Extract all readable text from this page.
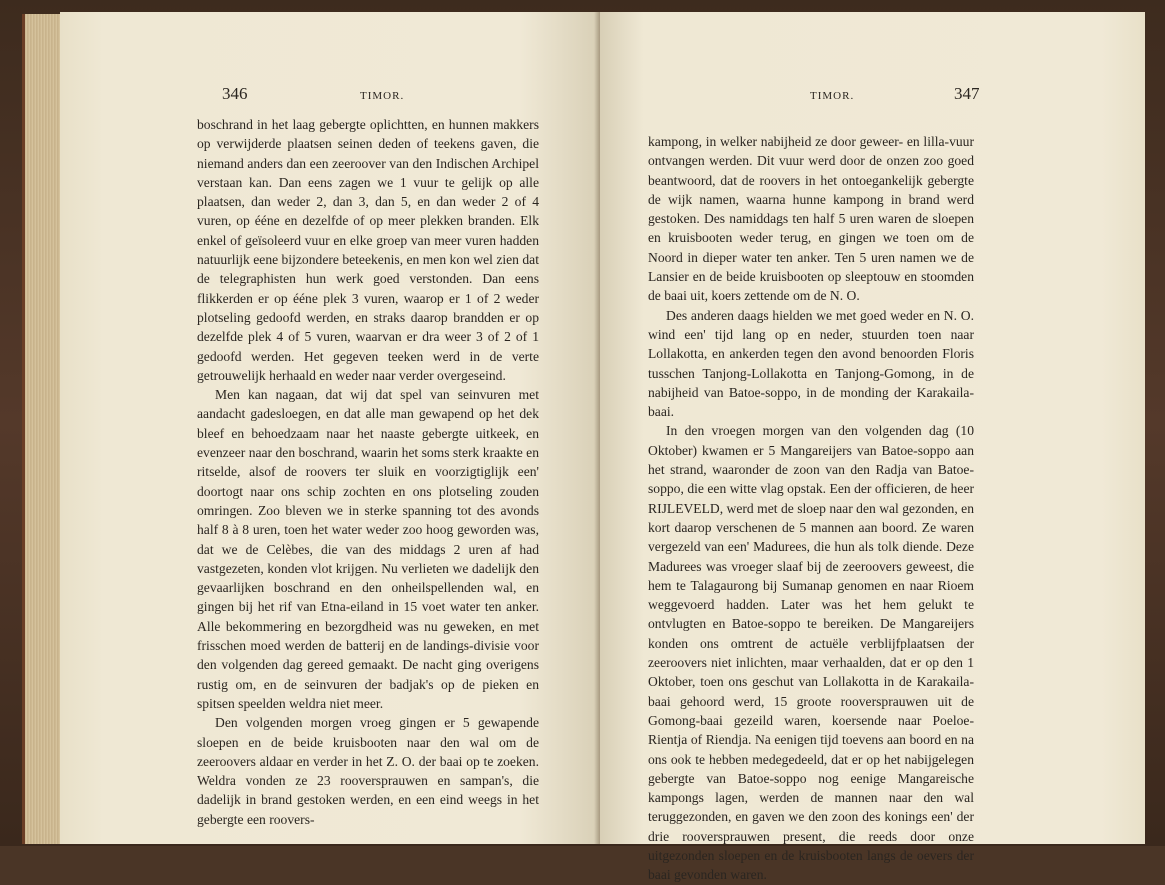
346	TIMOR.

boschrand in het laag gebergte oplichtten, en hunnen makkers op verwijderde plaatsen seinen deden of teekens gaven, die niemand anders dan een zeeroover van den Indischen Archipel verstaan kan. Dan eens zagen we 1 vuur te gelijk op alle plaatsen, dan weder 2, dan 3, dan 5, en dan weder 2 of 4 vuren, op ééne en dezelfde of op meer plekken branden. Elk enkel of geïsoleerd vuur en elke groep van meer vuren hadden natuurlijk eene bijzondere beteekenis, en men kon wel zien dat de telegraphisten hun werk goed verstonden. Dan eens flikkerden er op ééne plek 3 vuren, waarop er 1 of 2 weder plotseling gedoofd werden, en straks daarop brandden er op dezelfde plek 4 of 5 vuren, waarvan er dra weer 3 of 2 of 1 gedoofd werden. Het gegeven teeken werd in de verte getrouwelijk herhaald en weder naar verder overgeseind.

Men kan nagaan, dat wij dat spel van seinvuren met aandacht gadesloegen, en dat alle man gewapend op het dek bleef en behoedzaam naar het naaste gebergte uitkeek, en evenzeer naar den boschrand, waarin het soms sterk kraakte en ritselde, alsof de roovers ter sluik en voorzigtiglijk een' doortogt naar ons schip zochten en ons plotseling zouden omringen. Zoo bleven we in sterke spanning tot des avonds half 8 à 8 uren, toen het water weder zoo hoog geworden was, dat we de Celèbes, die van des middags 2 uren af had vastgezeten, konden vlot krijgen. Nu verlieten we dadelijk den gevaarlijken boschrand en den onheilspellenden wal, en gingen bij het rif van Etna-eiland in 15 voet water ten anker. Alle bekommering en bezorgdheid was nu geweken, en met frisschen moed werden de batterij en de landings-divisie voor den volgenden dag gereed gemaakt. De nacht ging overigens rustig om, en de seinvuren der badjak's op de pieken en spitsen speelden weldra niet meer.

Den volgenden morgen vroeg gingen er 5 gewapende sloepen en de beide kruisbooten naar den wal om de zeeroovers aldaar en verder in het Z. O. der baai op te zoeken. Weldra vonden ze 23 rooversprauwen en sampan's, die dadelijk in brand gestoken werden, en een eind weegs in het gebergte een roovers-

TIMOR.	347

kampong, in welker nabijheid ze door geweer- en lilla-vuur ontvangen werden. Dit vuur werd door de onzen zoo goed beantwoord, dat de roovers in het ontoegankelijk gebergte de wijk namen, waarna hunne kampong in brand werd gestoken. Des namiddags ten half 5 uren waren de sloepen en kruisbooten weder terug, en gingen we toen om de Noord in dieper water ten anker. Ten 5 uren namen we de Lansier en de beide kruisbooten op sleeptouw en stoomden de baai uit, koers zettende om de N. O.

Des anderen daags hielden we met goed weder en N. O. wind een' tijd lang op en neder, stuurden toen naar Lollakotta, en ankerden tegen den avond benoorden Floris tusschen Tanjong-Lollakotta en Tanjong-Gomong, in de nabijheid van Batoe-soppo, in de monding der Karakaila-baai.

In den vroegen morgen van den volgenden dag (10 Oktober) kwamen er 5 Mangareijers van Batoe-soppo aan het strand, waaronder de zoon van den Radja van Batoe-soppo, die een witte vlag opstak. Een der officieren, de heer RIJLEVELD, werd met de sloep naar den wal gezonden, en kort daarop verschenen de 5 mannen aan boord. Ze waren vergezeld van een' Madurees, die hun als tolk diende. Deze Madurees was vroeger slaaf bij de zeeroovers geweest, die hem te Talagaurong bij Sumanap genomen en naar Rioem weggevoerd hadden. Later was het hem gelukt te ontvlugten en Batoe-soppo te bereiken. De Mangareijers konden ons omtrent de actuële verblijfplaatsen der zeeroovers niet inlichten, maar verhaalden, dat er op den 1 Oktober, toen ons geschut van Lollakotta in de Karakaila-baai gehoord werd, 15 groote rooversprauwen uit de Gomong-baai gezeild waren, koersende naar Poeloe-Rientja of Riendja. Na eenigen tijd toevens aan boord en na ons ook te hebben medegedeeld, dat er op het nabijgelegen gebergte van Batoe-soppo nog eenige Mangareische kampongs lagen, werden de mannen naar den wal teruggezonden, en gaven we den zoon des konings een' der drie rooversprauwen present, die reeds door onze uitgezonden sloepen en de kruisbooten langs de oevers der baai gevonden waren.
